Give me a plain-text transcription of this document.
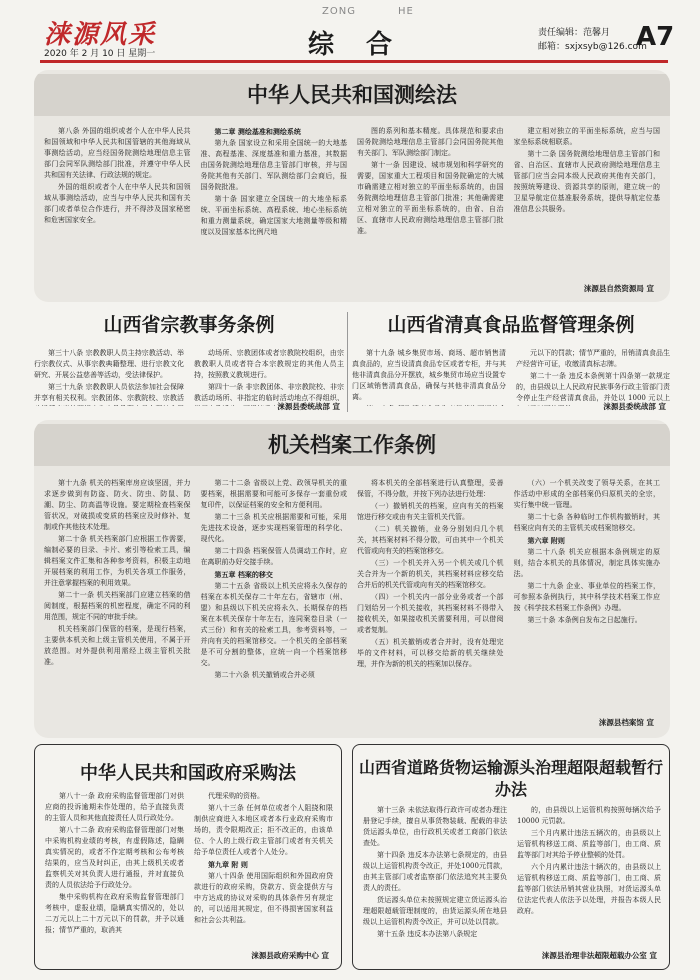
涞源风采
2020 年 2 月 10 日 星期一
ZONG	HE
综合	责任编辑：范馨月
邮箱：sxjxsyb@126.com
A7
中华人民共和国测绘法

第八条 外国的组织或者个人在中华人民共和国领域和中华人民共和国管辖的其他海域从事测绘活动，应当经国务院测绘地理信息主管部门会同军队测绘部门批准，并遵守中华人民共和国有关法律、行政法规的规定。

外国的组织或者个人在中华人民共和国领域从事测绘活动，应当与中华人民共和国有关部门或者单位合作进行，并不得涉及国家秘密和危害国家安全。

第二章 测绘基准和测绘系统

第九条 国家设立和采用全国统一的大地基准、高程基准、深度基准和重力基准，其数据由国务院测绘地理信息主管部门审核，并与国务院其他有关部门、军队测绘部门会商后，报国务院批准。

第十条 国家建立全国统一的大地坐标系统、平面坐标系统、高程系统、地心坐标系统和重力测量系统，确定国家大地测量等级和精度以及国家基本比例尺地

图的系列和基本精度。具体规范和要求由国务院测绘地理信息主管部门会同国务院其他有关部门、军队测绘部门制定。

第十一条 因建设、城市规划和科学研究的需要，国家重大工程项目和国务院确定的大城市确需建立相对独立的平面坐标系统的，由国务院测绘地理信息主管部门批准；其他确需建立相对独立的平面坐标系统的，由省、自治区、直辖市人民政府测绘地理信息主管部门批准。

建立相对独立的平面坐标系统，应当与国家坐标系统相联系。

第十二条 国务院测绘地理信息主管部门和省、自治区、直辖市人民政府测绘地理信息主管部门应当会同本级人民政府其他有关部门，按照统筹建设、资源共享的原则，建立统一的卫星导航定位基准服务系统，提供导航定位基准信息公共服务。

涞源县自然资源局 宣
山西省宗教事务条例

第三十八条 宗教教职人员主持宗教活动、举行宗教仪式、从事宗教典籍整理、进行宗教文化研究、开展公益慈善等活动，受法律保护。

第三十九条 宗教教职人员依法参加社会保障并享有相关权利。宗教团体、宗教院校、宗教活

动场所、宗教团体或者宗教院校组织，由宗教教职人员或者符合本宗教规定的其他人员主持，按照教义教规进行。

第四十一条 非宗教团体、非宗教院校、非宗教活动场所、非指定的临时活动地点不得组织、

涞源县委统战部 宣
山西省清真食品监督管理条例

第十九条 城乡集贸市场、商场、超市销售清真食品的，应当设清真食品专区或者专柜，并与其他非清真食品分开摆放，城乡集贸市场应当设置专门区域销售清真食品，确保与其他非清真食品分离。

元以下的罚款；情节严重的，吊销清真食品生产经营许可证，收缴清真标志牌。

第二十一条 违反本条例第十四条第一款规定的，由县级以上人民政府民族事务行政主管部门责令停止生产经营清真食品，并处以 1000 元以上

涞源县委统战部 宣
机关档案工作条例

第十九条 机关的档案库房应该坚固，并力求逐步做到有防盗、防火、防虫、防鼠、防潮、防尘、防高温等设施。要定期检查档案保管状况，对破损或变质的档案应及时修补、复制或作其他技术处理。

第二十条 机关档案部门应根据工作需要，编制必要的目录、卡片、索引等检索工具，编辑档案文件汇集和各种参考资料，积极主动地开展档案的利用工作，为机关各项工作服务，并注意掌握档案的利用效果。

第二十一条 机关档案部门应建立档案的借阅制度，根据档案的机密程度，确定不同的利用范围，规定不同的审批手续。

机关档案部门保管的档案，是现行档案，主要供本机关和上级主管机关使用，不属于开放范围。对外提供利用需经上级主管机关批准。

第二十二条 省级以上党、政领导机关的重要档案，根据需要和可能可多保存一套重份或复印件，以保证档案的安全和方便利用。

第二十三条 机关应根据需要和可能，采用先进技术设备，逐步实现档案管理的科学化、现代化。

第二十四条 档案保管人员调动工作时，应在离职前办好交接手续。

第五章 档案的移交

第二十五条 省级以上机关应将永久保存的档案在本机关保存二十年左右，省辖市（州、盟）和县级以下机关应将永久、长期保存的档案在本机关保存十年左右，连同案卷目录（一式三份）和有关的检索工具，参考资料等，一并向有关的档案馆移交。一个机关的全部档案是不可分割的整体，应统一向一个档案馆移交。

第二十六条 机关撤销或合并必须

将本机关的全部档案进行认真整理，妥善保管，不得分散，并按下列办法进行处理：

（一）撤销机关的档案，应向有关的档案馆进行移交或由有关主管机关代管。

（二）机关撤销，业务分别划归几个机关，其档案材料不得分散，可由其中一个机关代管或向有关的档案馆移交。

（三）一个机关并入另一个机关或几个机关合并为一个新的机关，其档案材料应移交给合并后的机关代管或向有关的档案馆移交。

（四）一个机关内一部分业务或者一个部门划给另一个机关接收，其档案材料不得带入接收机关，如果接收机关需要利用，可以借阅或者复制。

（五）机关撤销或者合并时，没有处理完毕的文件材料，可以移交给新的机关继续处理，并作为新的机关的档案加以保存。

（六）一个机关改变了领导关系，在其工作活动中形成的全部档案仍归原机关的全宗，实行集中统一管理。

第二十七条 各种临时工作机构撤销时，其档案应向有关的主管机关或档案馆移交。

第六章 附则

第二十八条 机关应根据本条例规定的原则，结合本机关的具体情况，制定具体实施办法。

第二十九条 企业、事业单位的档案工作，可参照本条例执行，其中科学技术档案工作应按《科学技术档案工作条例》办理。

第三十条 本条例自发布之日起施行。

涞源县档案馆 宣
中华人民共和国政府采购法

第八十一条 政府采购监督管理部门对供应商的投诉逾期未作处理的，给予直接负责的主管人员和其他直接责任人员行政处分。

第八十二条 政府采购监督管理部门对集中采购机构业绩的考核，有虚假陈述，隐瞒真实情况的，或者不作定期考核和公布考核结果的，应当及时纠正，由其上级机关或者监察机关对其负责人进行通报，并对直接负责的人员依法给予行政处分。

集中采购机构在政府采购监督管理部门考核中，虚报业绩，隐瞒真实情况的，处以二万元以上二十万元以下的罚款，并予以通报；情节严重的，取消其

代理采购的资格。

第八十三条 任何单位或者个人阻挠和限制供应商进入本地区或者本行业政府采购市场的，责令限期改正；拒不改正的，由该单位、个人的上级行政主管部门或者有关机关给予单位责任人或者个人处分。

第九章 附 则

第八十四条 使用国际组织和外国政府贷款进行的政府采购，贷款方、资金提供方与中方达成的协议对采购的具体条件另有规定的，可以适用其规定，但不得损害国家利益和社会公共利益。

涞源县政府采购中心 宣
山西省道路货物运输源头治理超限超载暂行办法

第十三条 未依法取得行政许可或者办理注册登记手续，擅自从事货物装载、配载的非法货运源头单位，由行政机关或者工商部门依法查处。

第十四条 违反本办法第七条规定的，由县级以上运管机构责令改正，并处1000元罚款，由其主管部门或者监察部门依法追究其主要负责人的责任。

货运源头单位未按照规定建立货运源头治理超限超载管理制度的，由货运源头所在地县级以上运管机构责令改正，并可以处以罚款。

第十五条 违反本办法第八条规定

的，由县级以上运管机构按照每辆次给予 10000 元罚款。

三个月内累计违法五辆次的，由县级以上运管机构移送工商、质监等部门，由工商、质监等部门对其给予停业整顿的处罚。

六个月内累计违法十辆次的，由县级以上运管机构移送工商、质监等部门，由工商、质监等部门依法吊销其营业执照，对货运源头单位法定代表人依法予以处理，并报告本级人民政府。

涞源县治理非法超限超载办公室 宣
